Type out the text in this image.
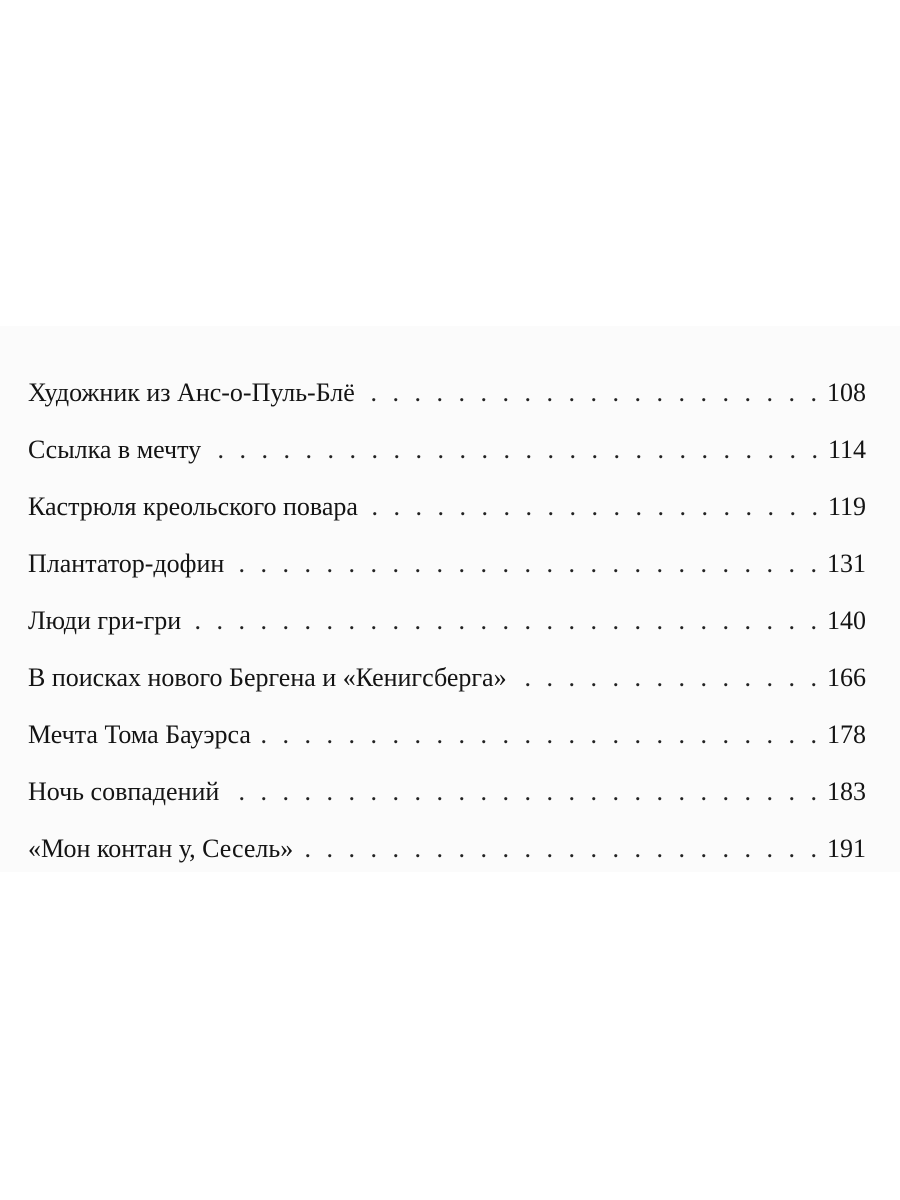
Художник из Анс-о-Пуль-Блё . . .	108
Ссылка в мечту . . .	114
Кастрюля креольского повара . . .	119
Плантатор-дофин . . .	131
Люди гри-гри . . .	140
В поисках нового Бергена и «Кенигсберга» . . .	166
Мечта Тома Бауэрса . . .	178
Ночь совпадений . . .	183
«Мон контан у, Сесель» . . .	191
